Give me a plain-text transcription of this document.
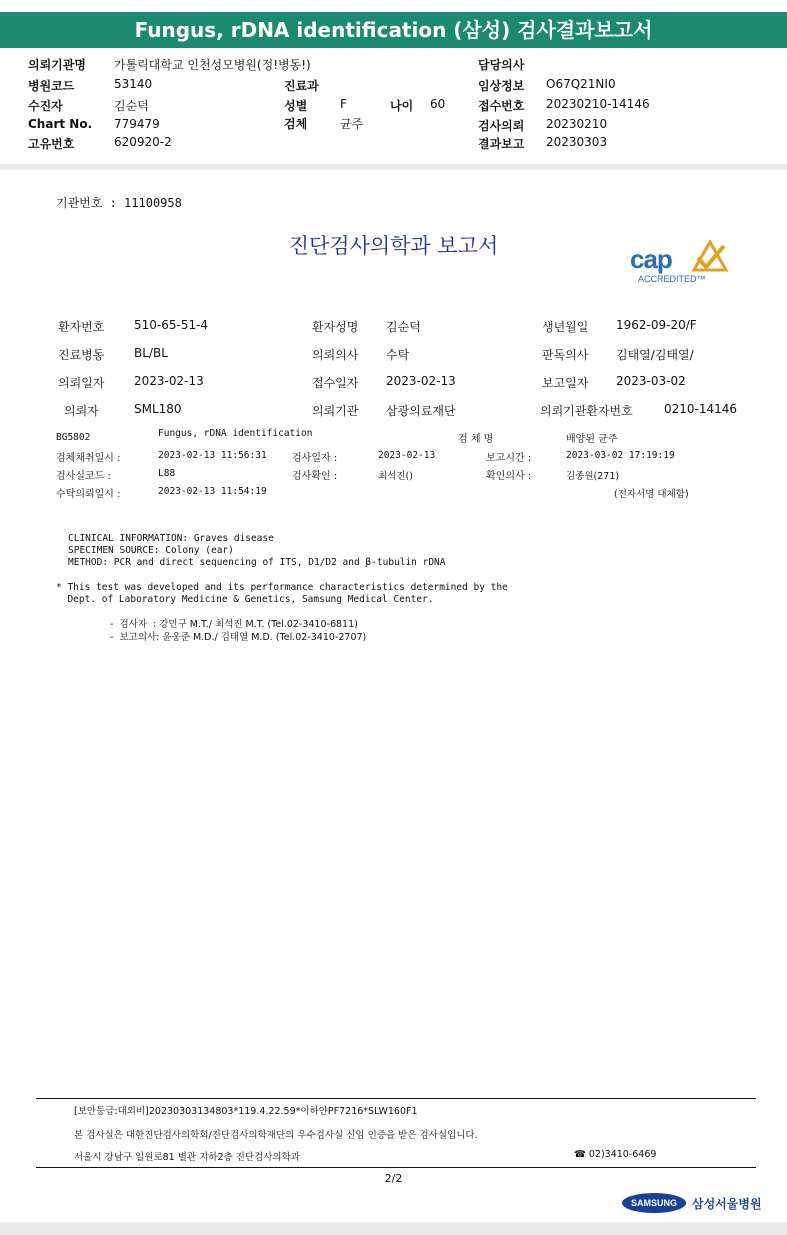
Fungus, rDNA identification (삼성) 검사결과보고서
의뢰기관명 가톨릭대학교 인천성모병원(정!병동!)	담당의사
병원코드	53140	진료과	임상정보 O67Q21NI0
수진자	김순덕	성별	F	나이 60	접수번호 20230210-14146
Chart No. 779479	검체	균주	검사의뢰 20230210
고유번호	620920-2	결과보고 20230303
기관번호 : 11100958
진단검사의학과 보고서	cap
ACCREDITED™
환자번호 510-65-51-4	환자성명 김순덕	생년월일 1962-09-20/F
진료병동 BL/BL	의뢰의사 수탁	판독의사 김태열/김태열/
의뢰일자 2023-02-13	접수일자 2023-02-13	보고일자 2023-03-02
의뢰자	SML180	의뢰기관 삼광의료재단	의뢰기관환자번호	0210-14146
BG5802	Fungus, rDNA identification
검 체 명	배양된 균주
검체채취일시 :	2023-02-13 11:56:31	검사일자 :	2023-02-13	보고시간 :	2023-03-02 17:19:19
검사실코드 :	L88	검사확인 :	최석진()	확인의사 :	김종원(271)
수탁의뢰일시 :	2023-02-13 11:54:19	(전자서명 대체함)
CLINICAL INFORMATION: Graves disease
SPECIMEN SOURCE: Colony (ear)
METHOD: PCR and direct sequencing of ITS, D1/D2 and β-tubulin rDNA
* This test was developed and its performance characteristics determined by the
Dept. of Laboratory Medicine & Genetics, Samsung Medical Center.
-  검사자  : 강민구 M.T./ 최석진 M.T. (Tel.02-3410-6811)
-  보고의사: 윤웅준 M.D./ 김태열 M.D. (Tel.02-3410-2707)
[보안등급:대외비]20230303134803*119.4.22.59*이하얀PF7216*SLW160F1
본 검사실은 대한진단검사의학회/진단검사의학재단의 우수검사실 신임 인증을 받은 검사실입니다.
서울시 강남구 일원로81 별관 지하2층 진단검사의학과	☎ 02)3410-6469
2/2
SAMSUNG	삼성서울병원
